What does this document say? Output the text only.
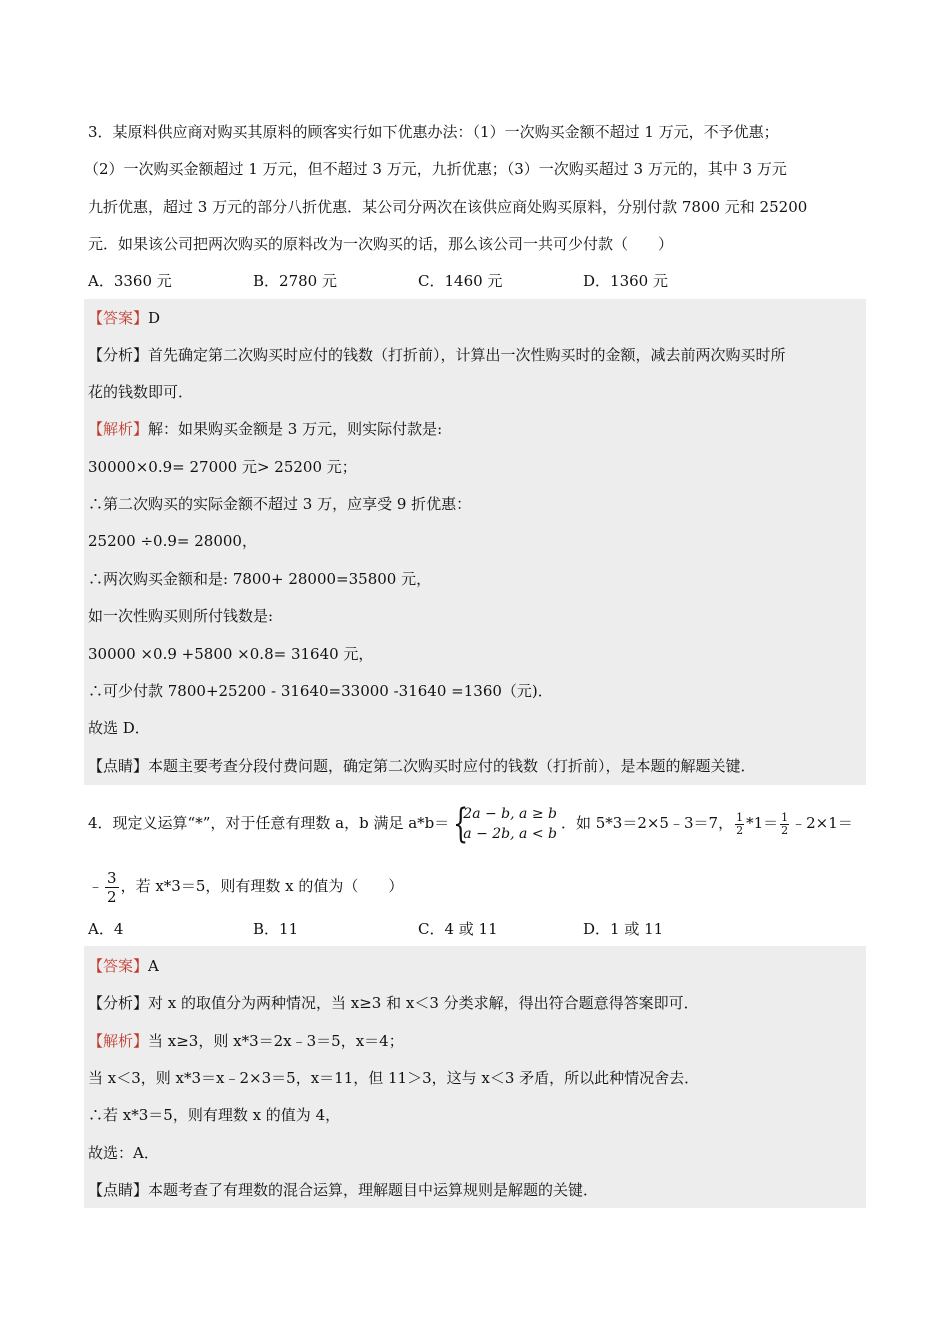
3．某原料供应商对购买其原料的顾客实行如下优惠办法：（1）一次购买金额不超过 1 万元，不予优惠；
（2）一次购买金额超过 1 万元，但不超过 3 万元，九折优惠；（3）一次购买超过 3 万元的，其中 3 万元
九折优惠，超过 3 万元的部分八折优惠．某公司分两次在该供应商处购买原料，分别付款 7800 元和 25200
元．如果该公司把两次购买的原料改为一次购买的话，那么该公司一共可少付款（　　）
A．3360 元	B．2780 元	C．1460 元	D．1360 元
【答案】D
【分析】首先确定第二次购买时应付的钱数（打折前），计算出一次性购买时的金额，减去前两次购买时所
花的钱数即可．
【解析】解：如果购买金额是 3 万元，则实际付款是:
30000×0.9= 27000 元> 25200 元；
∴第二次购买的实际金额不超过 3 万，应享受 9 折优惠：
25200 ÷0.9= 28000，
∴两次购买金额和是: 7800+ 28000=35800 元，
如一次性购买则所付钱数是:
30000 ×0.9 +5800 ×0.8= 31640 元，
∴可少付款 7800+25200 - 31640=33000 -31640 =1360（元)．
故选 D．
【点睛】本题主要考查分段付费问题，确定第二次购买时应付的钱数（打折前），是本题的解题关键．
4．现定义运算“*”，对于任意有理数 a，b 满足 a*b＝ {
2a − b, a ≥ b
a − 2b, a < b
．如 5*3＝2×5﹣3＝7， $\frac{1}{2} *1= \frac{1}{2}$ ﹣2×1＝
﹣ $\frac{3}{2}$ ，若 x*3＝5，则有理数 x 的值为（　　）
A．4	B．11	C．4 或 11	D．1 或 11
【答案】A
【分析】对 x 的取值分为两种情况，当 x≥3 和 x＜3 分类求解，得出符合题意得答案即可．
【解析】当 x≥3，则 x*3＝2x﹣3＝5，x＝4；
当 x＜3，则 x*3＝x﹣2×3＝5，x＝11，但 11＞3，这与 x＜3 矛盾，所以此种情况舍去．
∴若 x*3＝5，则有理数 x 的值为 4，
故选：A．
【点睛】本题考查了有理数的混合运算，理解题目中运算规则是解题的关键．
